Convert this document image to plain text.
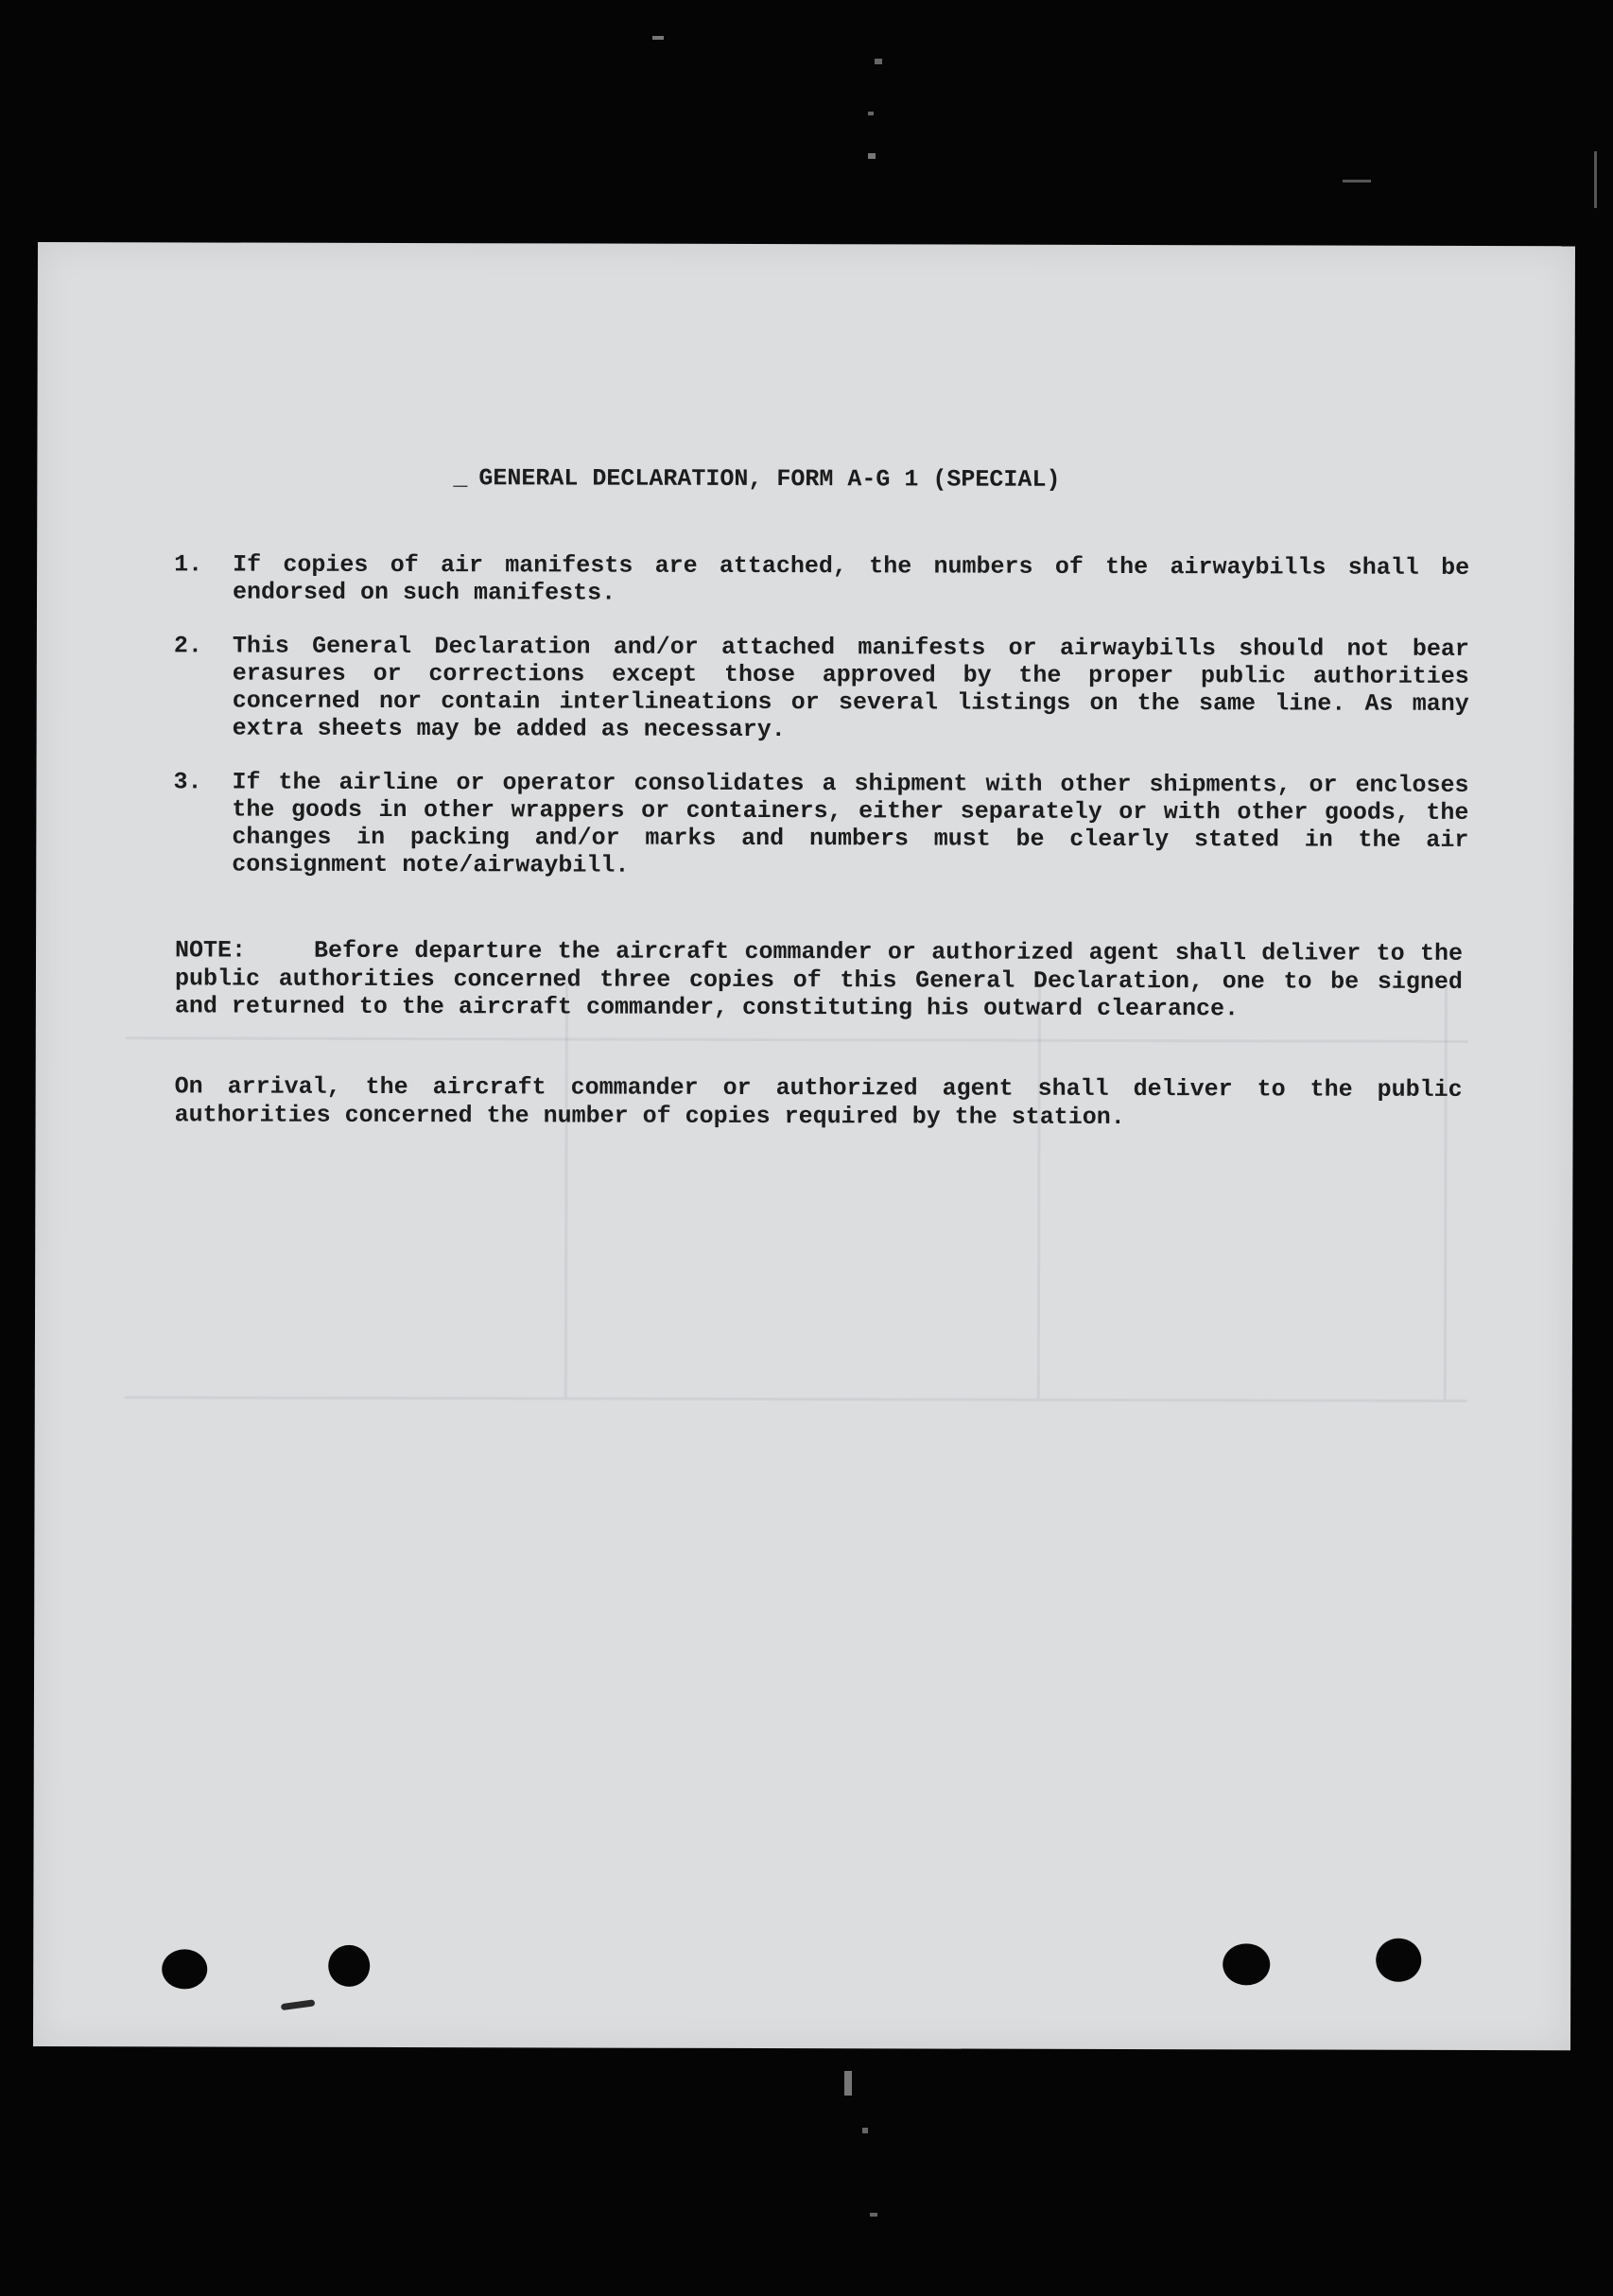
_ GENERAL DECLARATION, FORM A-G 1 (SPECIAL)
1.	If copies of air manifests are attached, the numbers of the airwaybills shall be endorsed on such manifests.
2.	This General Declaration and/or attached manifests or airwaybills should not bear erasures or corrections except those approved by the proper public authorities concerned nor contain interlineations or several listings on the same line. As many extra sheets may be added as necessary.
3.	If the airline or operator consolidates a shipment with other shipments, or encloses the goods in other wrappers or containers, either separately or with other goods, the changes in packing and/or marks and numbers must be clearly stated in the air consignment note/airwaybill.
NOTE:	Before departure the aircraft commander or authorized agent shall deliver to the public authorities concerned three copies of this General Declaration, one to be signed and returned to the aircraft commander, constituting his outward clearance.
On arrival, the aircraft commander or authorized agent shall deliver to the public authorities concerned the number of copies required by the station.
